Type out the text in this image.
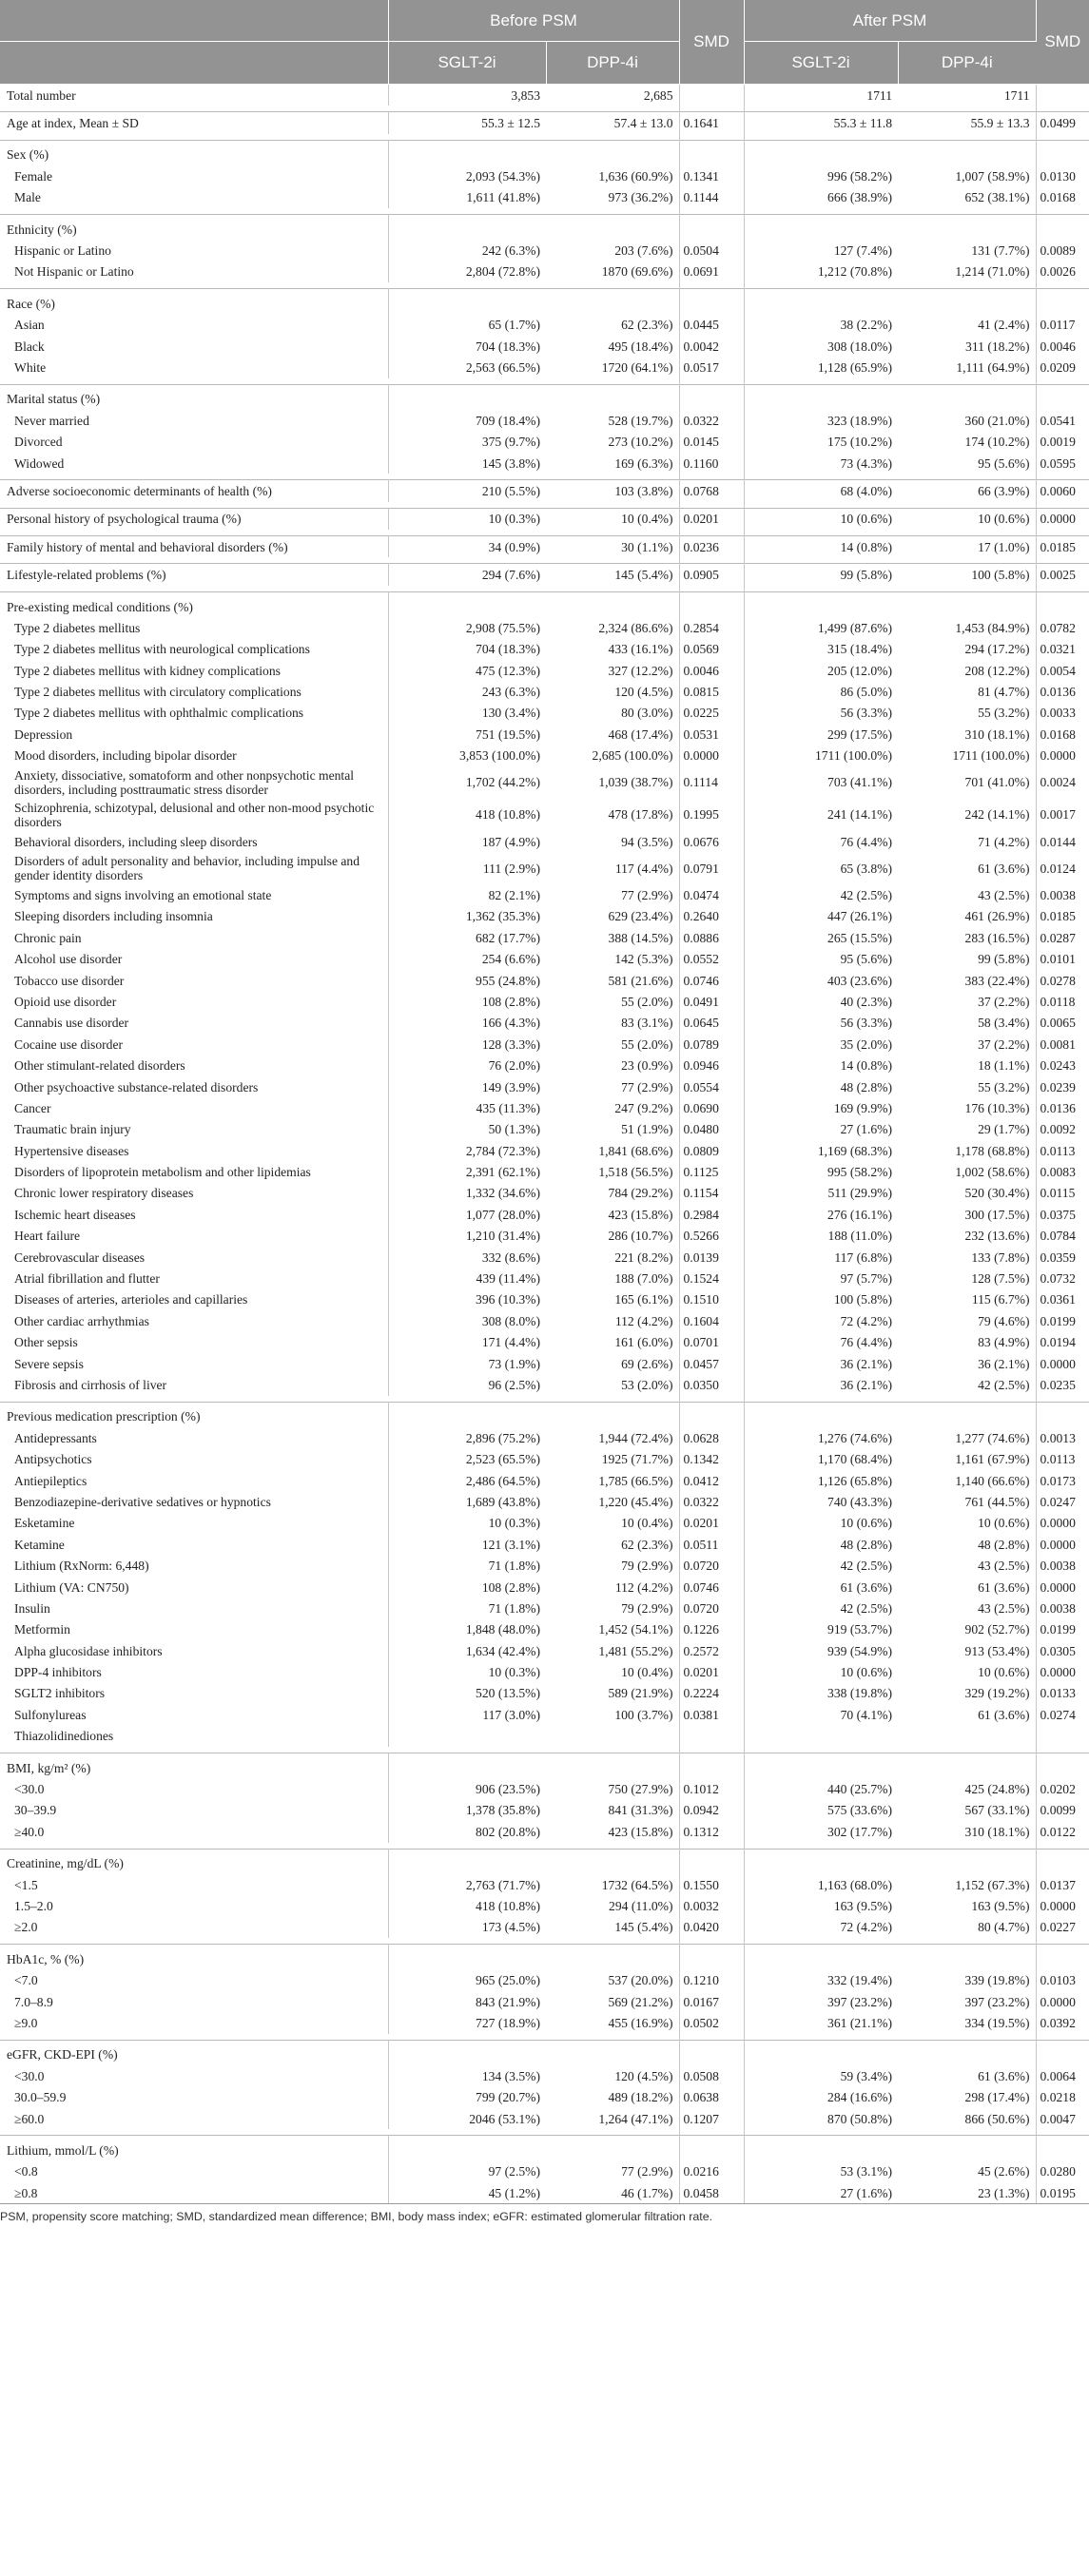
	Before PSM		SMD	After PSM		SMD
	SGLT-2i	DPP-4i		SGLT-2i	DPP-4i	
Total number	3,853	2,685		1711	1711	

Age at index, Mean ± SD	55.3 ± 12.5	57.4 ± 13.0	0.1641	55.3 ± 11.8	55.9 ± 13.3	0.0499

Sex (%)						
Female	2,093 (54.3%)	1,636 (60.9%)	0.1341	996 (58.2%)	1,007 (58.9%)	0.0130
Male	1,611 (41.8%)	973 (36.2%)	0.1144	666 (38.9%)	652 (38.1%)	0.0168

Ethnicity (%)						
Hispanic or Latino	242 (6.3%)	203 (7.6%)	0.0504	127 (7.4%)	131 (7.7%)	0.0089
Not Hispanic or Latino	2,804 (72.8%)	1870 (69.6%)	0.0691	1,212 (70.8%)	1,214 (71.0%)	0.0026

Race (%)						
Asian	65 (1.7%)	62 (2.3%)	0.0445	38 (2.2%)	41 (2.4%)	0.0117
Black	704 (18.3%)	495 (18.4%)	0.0042	308 (18.0%)	311 (18.2%)	0.0046
White	2,563 (66.5%)	1720 (64.1%)	0.0517	1,128 (65.9%)	1,111 (64.9%)	0.0209

Marital status (%)						
Never married	709 (18.4%)	528 (19.7%)	0.0322	323 (18.9%)	360 (21.0%)	0.0541
Divorced	375 (9.7%)	273 (10.2%)	0.0145	175 (10.2%)	174 (10.2%)	0.0019
Widowed	145 (3.8%)	169 (6.3%)	0.1160	73 (4.3%)	95 (5.6%)	0.0595

Adverse socioeconomic determinants of health (%)	210 (5.5%)	103 (3.8%)	0.0768	68 (4.0%)	66 (3.9%)	0.0060

Personal history of psychological trauma (%)	10 (0.3%)	10 (0.4%)	0.0201	10 (0.6%)	10 (0.6%)	0.0000

Family history of mental and behavioral disorders (%)	34 (0.9%)	30 (1.1%)	0.0236	14 (0.8%)	17 (1.0%)	0.0185

Lifestyle-related problems (%)	294 (7.6%)	145 (5.4%)	0.0905	99 (5.8%)	100 (5.8%)	0.0025

Pre-existing medical conditions (%)						
Type 2 diabetes mellitus	2,908 (75.5%)	2,324 (86.6%)	0.2854	1,499 (87.6%)	1,453 (84.9%)	0.0782
Type 2 diabetes mellitus with neurological complications	704 (18.3%)	433 (16.1%)	0.0569	315 (18.4%)	294 (17.2%)	0.0321
Type 2 diabetes mellitus with kidney complications	475 (12.3%)	327 (12.2%)	0.0046	205 (12.0%)	208 (12.2%)	0.0054
Type 2 diabetes mellitus with circulatory complications	243 (6.3%)	120 (4.5%)	0.0815	86 (5.0%)	81 (4.7%)	0.0136
Type 2 diabetes mellitus with ophthalmic complications	130 (3.4%)	80 (3.0%)	0.0225	56 (3.3%)	55 (3.2%)	0.0033
Depression	751 (19.5%)	468 (17.4%)	0.0531	299 (17.5%)	310 (18.1%)	0.0168
Mood disorders, including bipolar disorder	3,853 (100.0%)	2,685 (100.0%)	0.0000	1711 (100.0%)	1711 (100.0%)	0.0000
Anxiety, dissociative, somatoform and other nonpsychotic mental disorders, including posttraumatic stress disorder	1,702 (44.2%)	1,039 (38.7%)	0.1114	703 (41.1%)	701 (41.0%)	0.0024
Schizophrenia, schizotypal, delusional and other non-mood psychotic disorders	418 (10.8%)	478 (17.8%)	0.1995	241 (14.1%)	242 (14.1%)	0.0017
Behavioral disorders, including sleep disorders	187 (4.9%)	94 (3.5%)	0.0676	76 (4.4%)	71 (4.2%)	0.0144
Disorders of adult personality and behavior, including impulse and gender identity disorders	111 (2.9%)	117 (4.4%)	0.0791	65 (3.8%)	61 (3.6%)	0.0124
Symptoms and signs involving an emotional state	82 (2.1%)	77 (2.9%)	0.0474	42 (2.5%)	43 (2.5%)	0.0038
Sleeping disorders including insomnia	1,362 (35.3%)	629 (23.4%)	0.2640	447 (26.1%)	461 (26.9%)	0.0185
Chronic pain	682 (17.7%)	388 (14.5%)	0.0886	265 (15.5%)	283 (16.5%)	0.0287
Alcohol use disorder	254 (6.6%)	142 (5.3%)	0.0552	95 (5.6%)	99 (5.8%)	0.0101
Tobacco use disorder	955 (24.8%)	581 (21.6%)	0.0746	403 (23.6%)	383 (22.4%)	0.0278
Opioid use disorder	108 (2.8%)	55 (2.0%)	0.0491	40 (2.3%)	37 (2.2%)	0.0118
Cannabis use disorder	166 (4.3%)	83 (3.1%)	0.0645	56 (3.3%)	58 (3.4%)	0.0065
Cocaine use disorder	128 (3.3%)	55 (2.0%)	0.0789	35 (2.0%)	37 (2.2%)	0.0081
Other stimulant-related disorders	76 (2.0%)	23 (0.9%)	0.0946	14 (0.8%)	18 (1.1%)	0.0243
Other psychoactive substance-related disorders	149 (3.9%)	77 (2.9%)	0.0554	48 (2.8%)	55 (3.2%)	0.0239
Cancer	435 (11.3%)	247 (9.2%)	0.0690	169 (9.9%)	176 (10.3%)	0.0136
Traumatic brain injury	50 (1.3%)	51 (1.9%)	0.0480	27 (1.6%)	29 (1.7%)	0.0092
Hypertensive diseases	2,784 (72.3%)	1,841 (68.6%)	0.0809	1,169 (68.3%)	1,178 (68.8%)	0.0113
Disorders of lipoprotein metabolism and other lipidemias	2,391 (62.1%)	1,518 (56.5%)	0.1125	995 (58.2%)	1,002 (58.6%)	0.0083
Chronic lower respiratory diseases	1,332 (34.6%)	784 (29.2%)	0.1154	511 (29.9%)	520 (30.4%)	0.0115
Ischemic heart diseases	1,077 (28.0%)	423 (15.8%)	0.2984	276 (16.1%)	300 (17.5%)	0.0375
Heart failure	1,210 (31.4%)	286 (10.7%)	0.5266	188 (11.0%)	232 (13.6%)	0.0784
Cerebrovascular diseases	332 (8.6%)	221 (8.2%)	0.0139	117 (6.8%)	133 (7.8%)	0.0359
Atrial fibrillation and flutter	439 (11.4%)	188 (7.0%)	0.1524	97 (5.7%)	128 (7.5%)	0.0732
Diseases of arteries, arterioles and capillaries	396 (10.3%)	165 (6.1%)	0.1510	100 (5.8%)	115 (6.7%)	0.0361
Other cardiac arrhythmias	308 (8.0%)	112 (4.2%)	0.1604	72 (4.2%)	79 (4.6%)	0.0199
Other sepsis	171 (4.4%)	161 (6.0%)	0.0701	76 (4.4%)	83 (4.9%)	0.0194
Severe sepsis	73 (1.9%)	69 (2.6%)	0.0457	36 (2.1%)	36 (2.1%)	0.0000
Fibrosis and cirrhosis of liver	96 (2.5%)	53 (2.0%)	0.0350	36 (2.1%)	42 (2.5%)	0.0235

Previous medication prescription (%)						
Antidepressants	2,896 (75.2%)	1,944 (72.4%)	0.0628	1,276 (74.6%)	1,277 (74.6%)	0.0013
Antipsychotics	2,523 (65.5%)	1925 (71.7%)	0.1342	1,170 (68.4%)	1,161 (67.9%)	0.0113
Antiepileptics	2,486 (64.5%)	1,785 (66.5%)	0.0412	1,126 (65.8%)	1,140 (66.6%)	0.0173
Benzodiazepine-derivative sedatives or hypnotics	1,689 (43.8%)	1,220 (45.4%)	0.0322	740 (43.3%)	761 (44.5%)	0.0247
Esketamine	10 (0.3%)	10 (0.4%)	0.0201	10 (0.6%)	10 (0.6%)	0.0000
Ketamine	121 (3.1%)	62 (2.3%)	0.0511	48 (2.8%)	48 (2.8%)	0.0000
Lithium (RxNorm: 6,448)	71 (1.8%)	79 (2.9%)	0.0720	42 (2.5%)	43 (2.5%)	0.0038
Lithium (VA: CN750)	108 (2.8%)	112 (4.2%)	0.0746	61 (3.6%)	61 (3.6%)	0.0000
Insulin	71 (1.8%)	79 (2.9%)	0.0720	42 (2.5%)	43 (2.5%)	0.0038
Metformin	1,848 (48.0%)	1,452 (54.1%)	0.1226	919 (53.7%)	902 (52.7%)	0.0199
Alpha glucosidase inhibitors	1,634 (42.4%)	1,481 (55.2%)	0.2572	939 (54.9%)	913 (53.4%)	0.0305
DPP-4 inhibitors	10 (0.3%)	10 (0.4%)	0.0201	10 (0.6%)	10 (0.6%)	0.0000
SGLT2 inhibitors	520 (13.5%)	589 (21.9%)	0.2224	338 (19.8%)	329 (19.2%)	0.0133
Sulfonylureas	117 (3.0%)	100 (3.7%)	0.0381	70 (4.1%)	61 (3.6%)	0.0274
Thiazolidinediones						

BMI, kg/m² (%)						
<30.0	906 (23.5%)	750 (27.9%)	0.1012	440 (25.7%)	425 (24.8%)	0.0202
30–39.9	1,378 (35.8%)	841 (31.3%)	0.0942	575 (33.6%)	567 (33.1%)	0.0099
≥40.0	802 (20.8%)	423 (15.8%)	0.1312	302 (17.7%)	310 (18.1%)	0.0122

Creatinine, mg/dL (%)						
<1.5	2,763 (71.7%)	1732 (64.5%)	0.1550	1,163 (68.0%)	1,152 (67.3%)	0.0137
1.5–2.0	418 (10.8%)	294 (11.0%)	0.0032	163 (9.5%)	163 (9.5%)	0.0000
≥2.0	173 (4.5%)	145 (5.4%)	0.0420	72 (4.2%)	80 (4.7%)	0.0227

HbA1c, % (%)						
<7.0	965 (25.0%)	537 (20.0%)	0.1210	332 (19.4%)	339 (19.8%)	0.0103
7.0–8.9	843 (21.9%)	569 (21.2%)	0.0167	397 (23.2%)	397 (23.2%)	0.0000
≥9.0	727 (18.9%)	455 (16.9%)	0.0502	361 (21.1%)	334 (19.5%)	0.0392

eGFR, CKD-EPI (%)						
<30.0	134 (3.5%)	120 (4.5%)	0.0508	59 (3.4%)	61 (3.6%)	0.0064
30.0–59.9	799 (20.7%)	489 (18.2%)	0.0638	284 (16.6%)	298 (17.4%)	0.0218
≥60.0	2046 (53.1%)	1,264 (47.1%)	0.1207	870 (50.8%)	866 (50.6%)	0.0047

Lithium, mmol/L (%)						
<0.8	97 (2.5%)	77 (2.9%)	0.0216	53 (3.1%)	45 (2.6%)	0.0280
≥0.8	45 (1.2%)	46 (1.7%)	0.0458	27 (1.6%)	23 (1.3%)	0.0195
PSM, propensity score matching; SMD, standardized mean difference; BMI, body mass index; eGFR: estimated glomerular filtration rate.
